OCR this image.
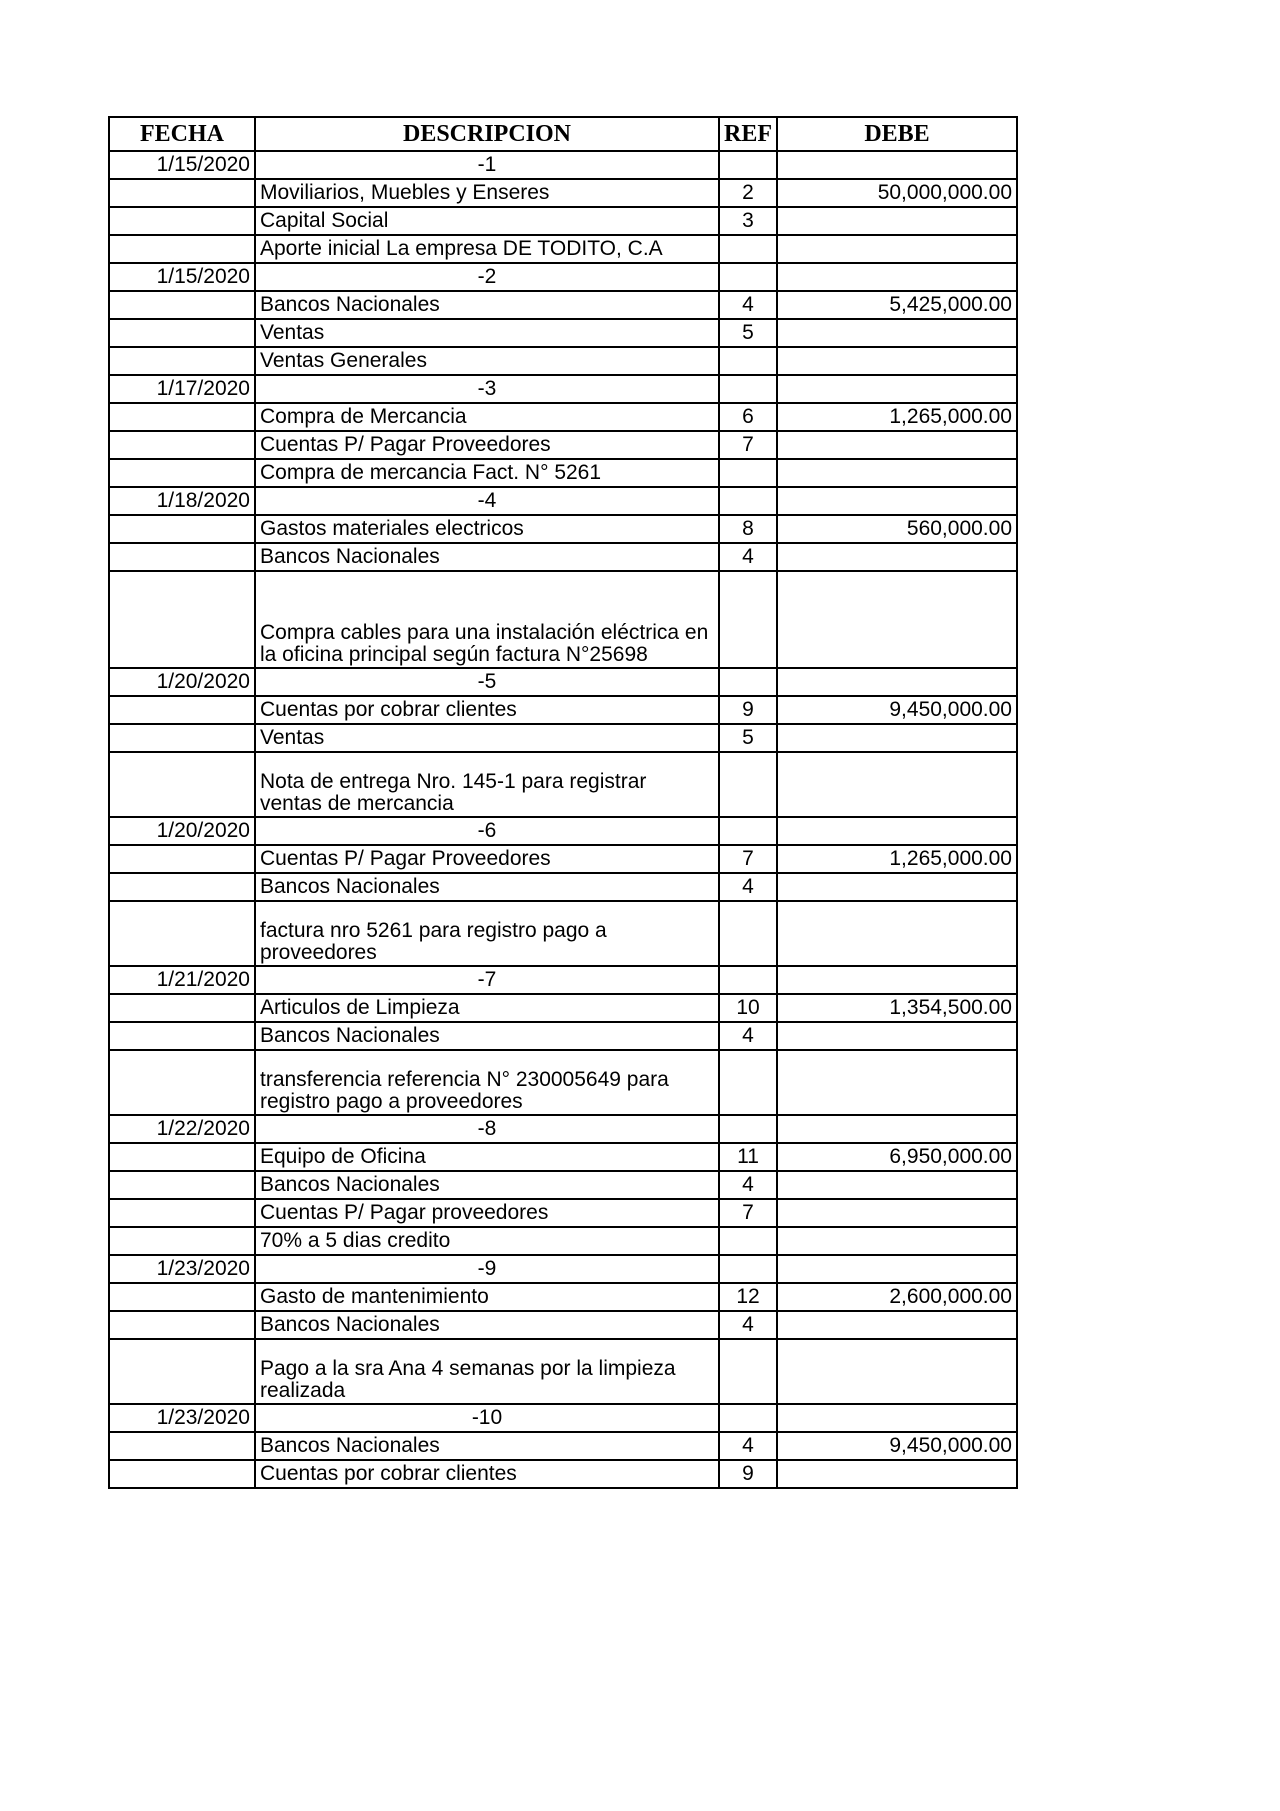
FECHA	DESCRIPCION	REF	DEBE
1/15/2020	-1		
	Moviliarios, Muebles y Enseres	2	50,000,000.00
	Capital Social	3	
	Aporte inicial La empresa DE TODITO, C.A		
1/15/2020	-2		
	Bancos Nacionales	4	5,425,000.00
	Ventas	5	
	Ventas Generales		
1/17/2020	-3		
	Compra de Mercancia	6	1,265,000.00
	Cuentas P/ Pagar Proveedores	7	
	Compra de mercancia Fact. N° 5261		
1/18/2020	-4		
	Gastos materiales electricos	8	560,000.00
	Bancos Nacionales	4	
	Compra cables para una instalación eléctrica en la oficina principal según factura N°25698		
1/20/2020	-5		
	Cuentas por cobrar clientes	9	9,450,000.00
	Ventas	5	
	Nota de entrega Nro. 145-1 para registrar ventas de mercancia		
1/20/2020	-6		
	Cuentas P/ Pagar Proveedores	7	1,265,000.00
	Bancos Nacionales	4	
	factura nro 5261 para registro pago a proveedores		
1/21/2020	-7		
	Articulos de Limpieza	10	1,354,500.00
	Bancos Nacionales	4	
	transferencia referencia N° 230005649 para registro pago a proveedores		
1/22/2020	-8		
	Equipo de Oficina	11	6,950,000.00
	Bancos Nacionales	4	
	Cuentas P/ Pagar proveedores	7	
	70% a 5 dias credito		
1/23/2020	-9		
	Gasto de mantenimiento	12	2,600,000.00
	Bancos Nacionales	4	
	Pago a la sra Ana 4 semanas por la limpieza realizada		
1/23/2020	-10		
	Bancos Nacionales	4	9,450,000.00
	Cuentas por cobrar clientes	9	
